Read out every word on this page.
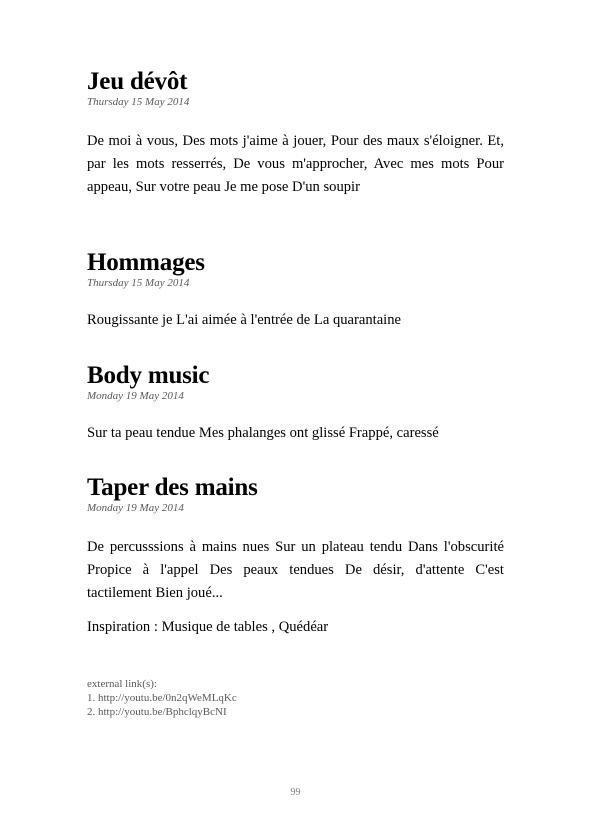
Jeu dévôt

Thursday 15 May 2014

De moi à vous, Des mots j'aime à jouer, Pour des maux s'éloigner. Et, par les mots resserrés, De vous m'approcher, Avec mes mots Pour appeau, Sur votre peau Je me pose D'un soupir

Hommages

Thursday 15 May 2014

Rougissante je L'ai aimée à l'entrée de La quarantaine

Body music

Monday 19 May 2014

Sur ta peau tendue Mes phalanges ont glissé Frappé, caressé

Taper des mains

Monday 19 May 2014

De percusssions à mains nues Sur un plateau tendu Dans l'obscurité Propice à l'appel Des peaux tendues De désir, d'attente C'est tactilement Bien joué...

Inspiration : Musique de tables , Quédéar

external link(s):
1. http://youtu.be/0n2qWeMLqKc
2. http://youtu.be/BphclqyBcNI
99
